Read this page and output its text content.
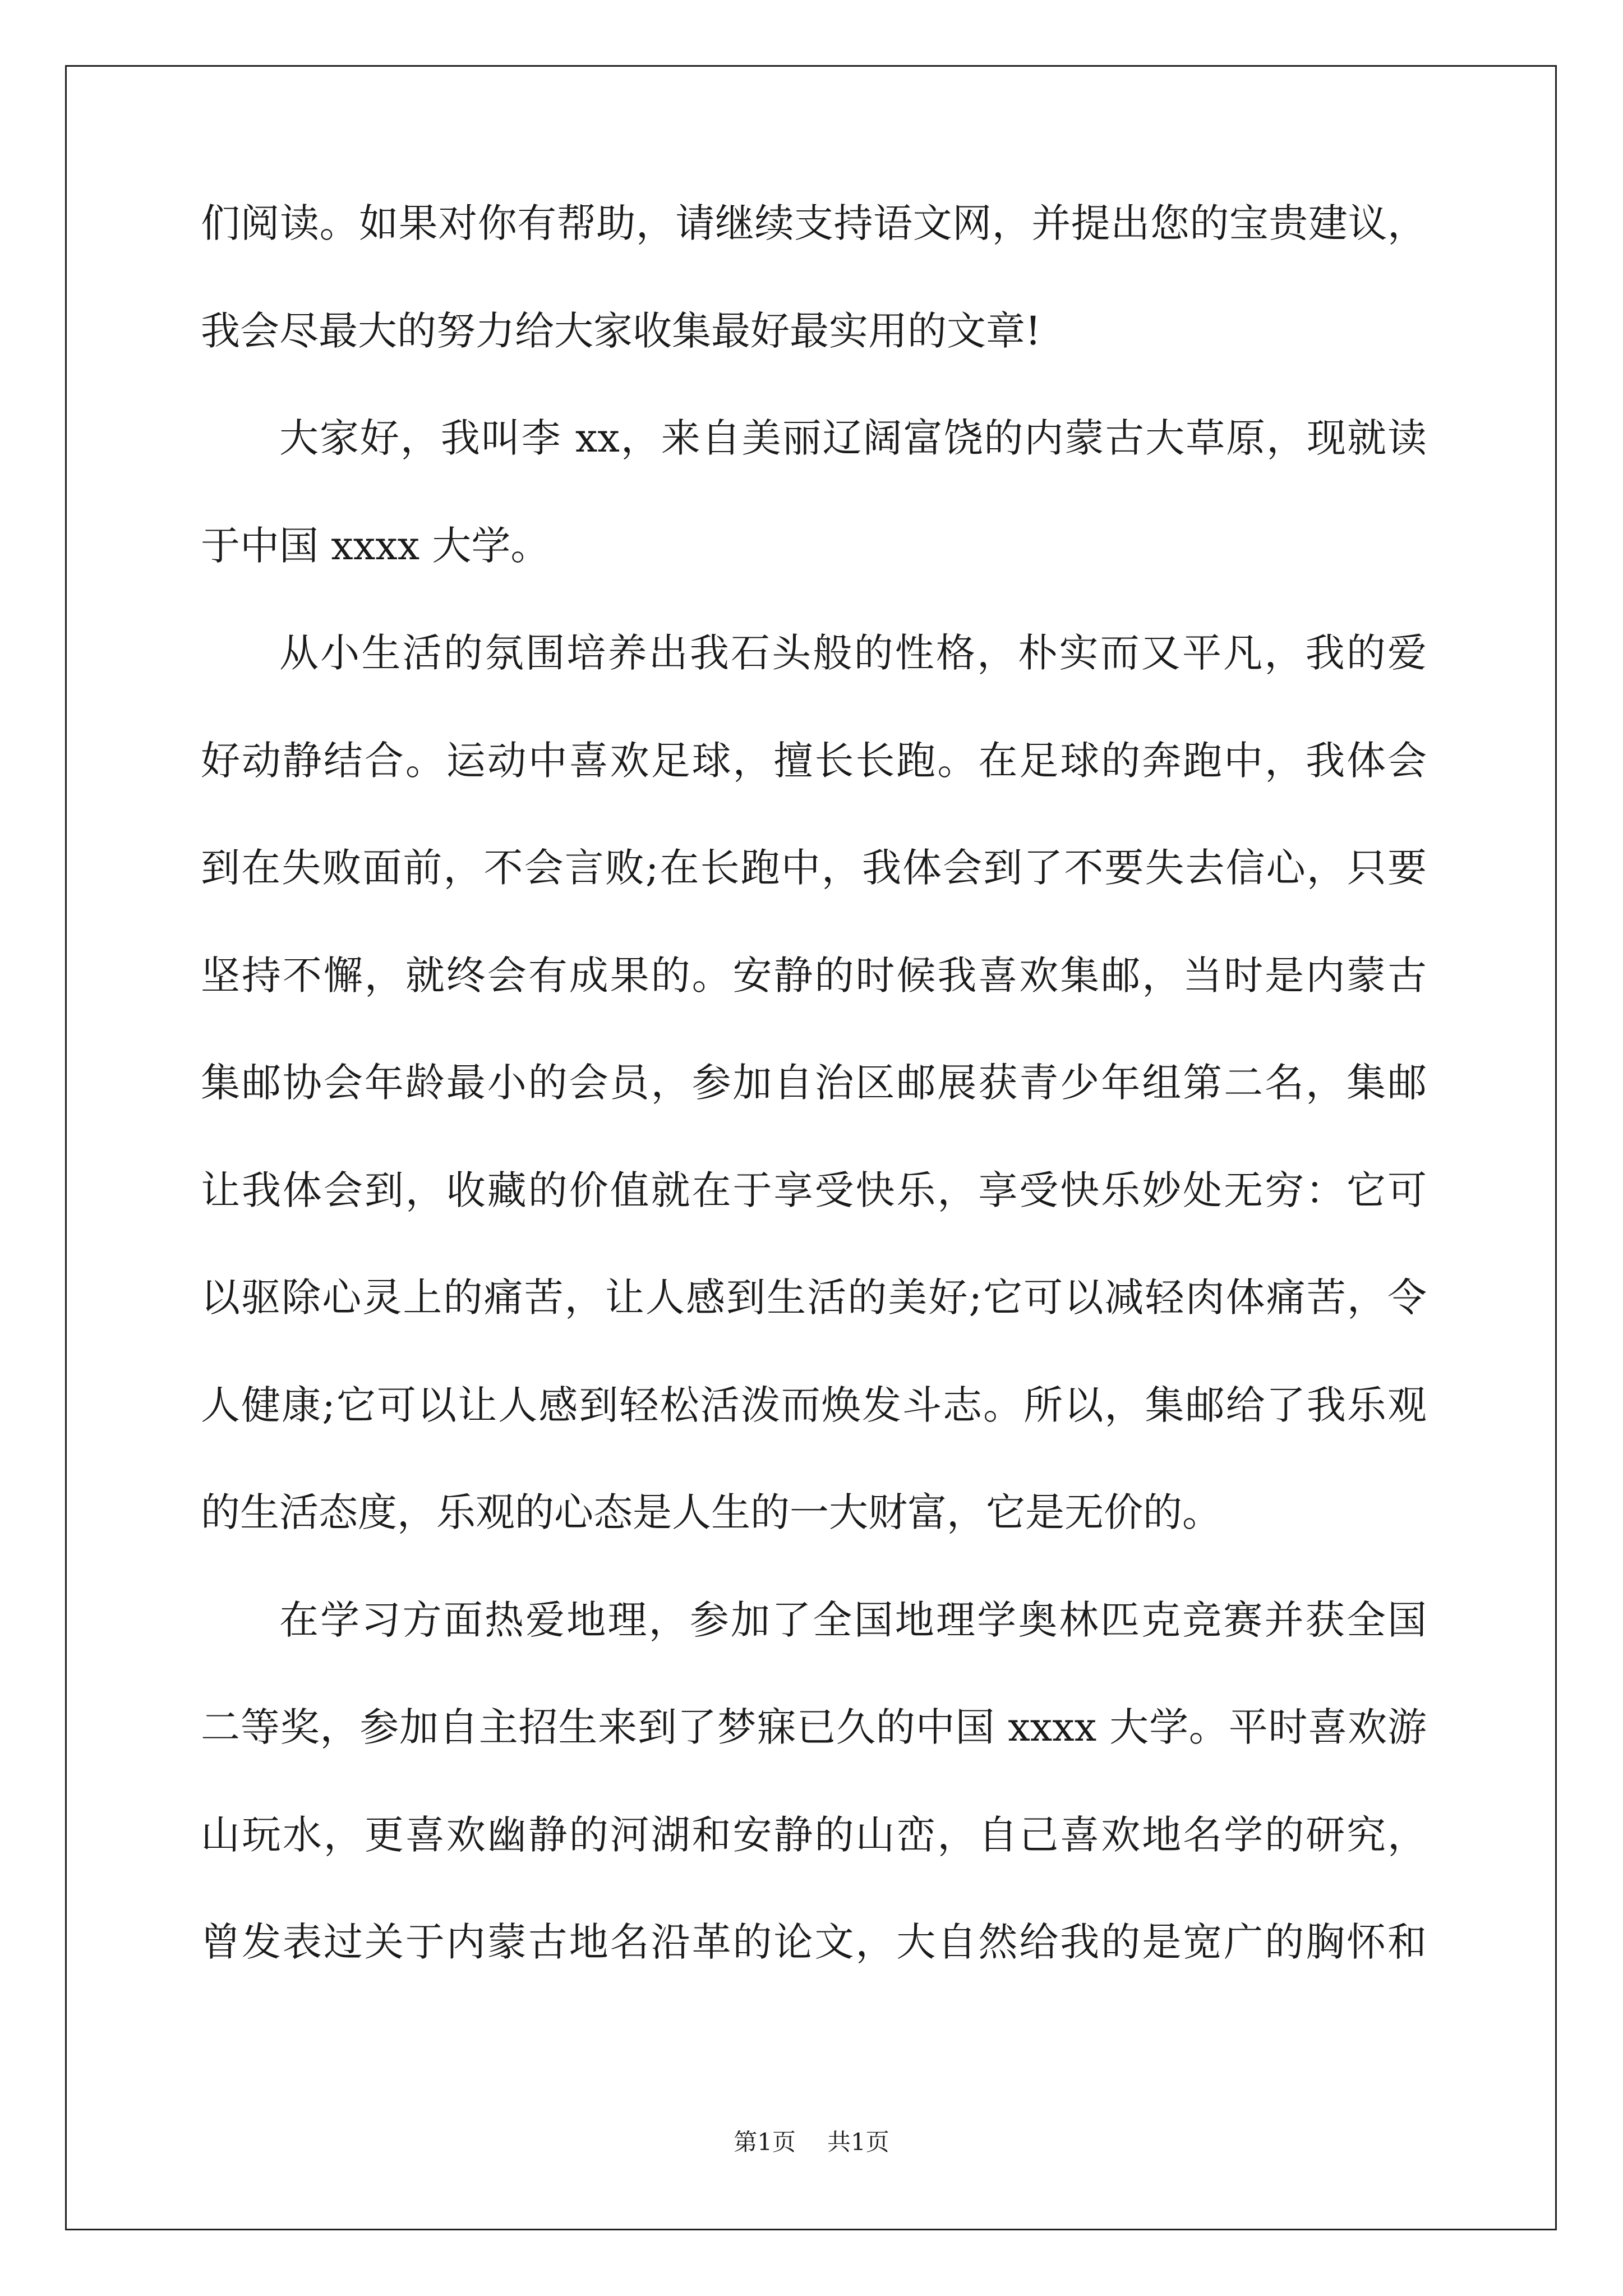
们阅读。如果对你有帮助，请继续支持语文网，并提出您的宝贵建议，
我会尽最大的努力给大家收集最好最实用的文章!
大家好，我叫李 xx，来自美丽辽阔富饶的内蒙古大草原，现就读
于中国 xxxx 大学。
从小生活的氛围培养出我石头般的性格，朴实而又平凡，我的爱
好动静结合。运动中喜欢足球，擅长长跑。在足球的奔跑中，我体会
到在失败面前，不会言败;在长跑中，我体会到了不要失去信心，只要
坚持不懈，就终会有成果的。安静的时候我喜欢集邮，当时是内蒙古
集邮协会年龄最小的会员，参加自治区邮展获青少年组第二名，集邮
让我体会到，收藏的价值就在于享受快乐，享受快乐妙处无穷：它可
以驱除心灵上的痛苦，让人感到生活的美好;它可以减轻肉体痛苦，令
人健康;它可以让人感到轻松活泼而焕发斗志。所以，集邮给了我乐观
的生活态度，乐观的心态是人生的一大财富，它是无价的。
在学习方面热爱地理，参加了全国地理学奥林匹克竞赛并获全国
二等奖，参加自主招生来到了梦寐已久的中国 xxxx 大学。平时喜欢游
山玩水，更喜欢幽静的河湖和安静的山峦，自己喜欢地名学的研究，
曾发表过关于内蒙古地名沿革的论文，大自然给我的是宽广的胸怀和
第1页 共1页
